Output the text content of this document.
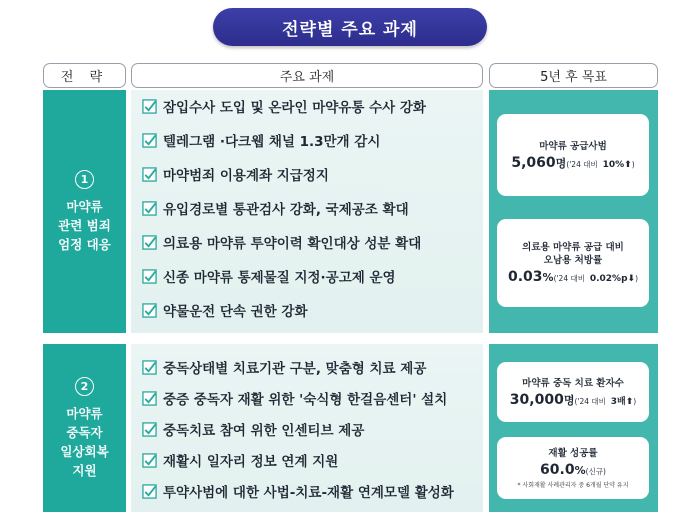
전략별 주요 과제
전 략	주요 과제	5년 후 목표
1
마약류
관련 범죄
엄정 대응
잠입수사 도입 및 온라인 마약유통 수사 강화
텔레그램 ·다크웹 채널 1.3만개 감시
마약범죄 이용계좌 지급정지
유입경로별 통관검사 강화, 국제공조 확대
의료용 마약류 투약이력 확인대상 성분 확대
신종 마약류 통제물질 지정·공고제 운영
약물운전 단속 권한 강화
마약류 공급사범
5,060명('24 대비 10%⬆)
의료용 마약류 공급 대비
오남용 처방률
0.03%('24 대비 0.02%p⬇)
2
마약류
중독자
일상회복
지원
중독상태별 치료기관 구분, 맞춤형 치료 제공
중증 중독자 재활 위한 '숙식형 한걸음센터' 설치
중독치료 참여 위한 인센티브 제공
재활시 일자리 정보 연계 지원
투약사범에 대한 사법-치료-재활 연계모델 활성화
마약류 중독 치료 환자수
30,000명('24 대비 3배⬆)
재활 성공률
60.0%(신규)
* 사회재활 사례관리자 중 6개월 단약 유지
